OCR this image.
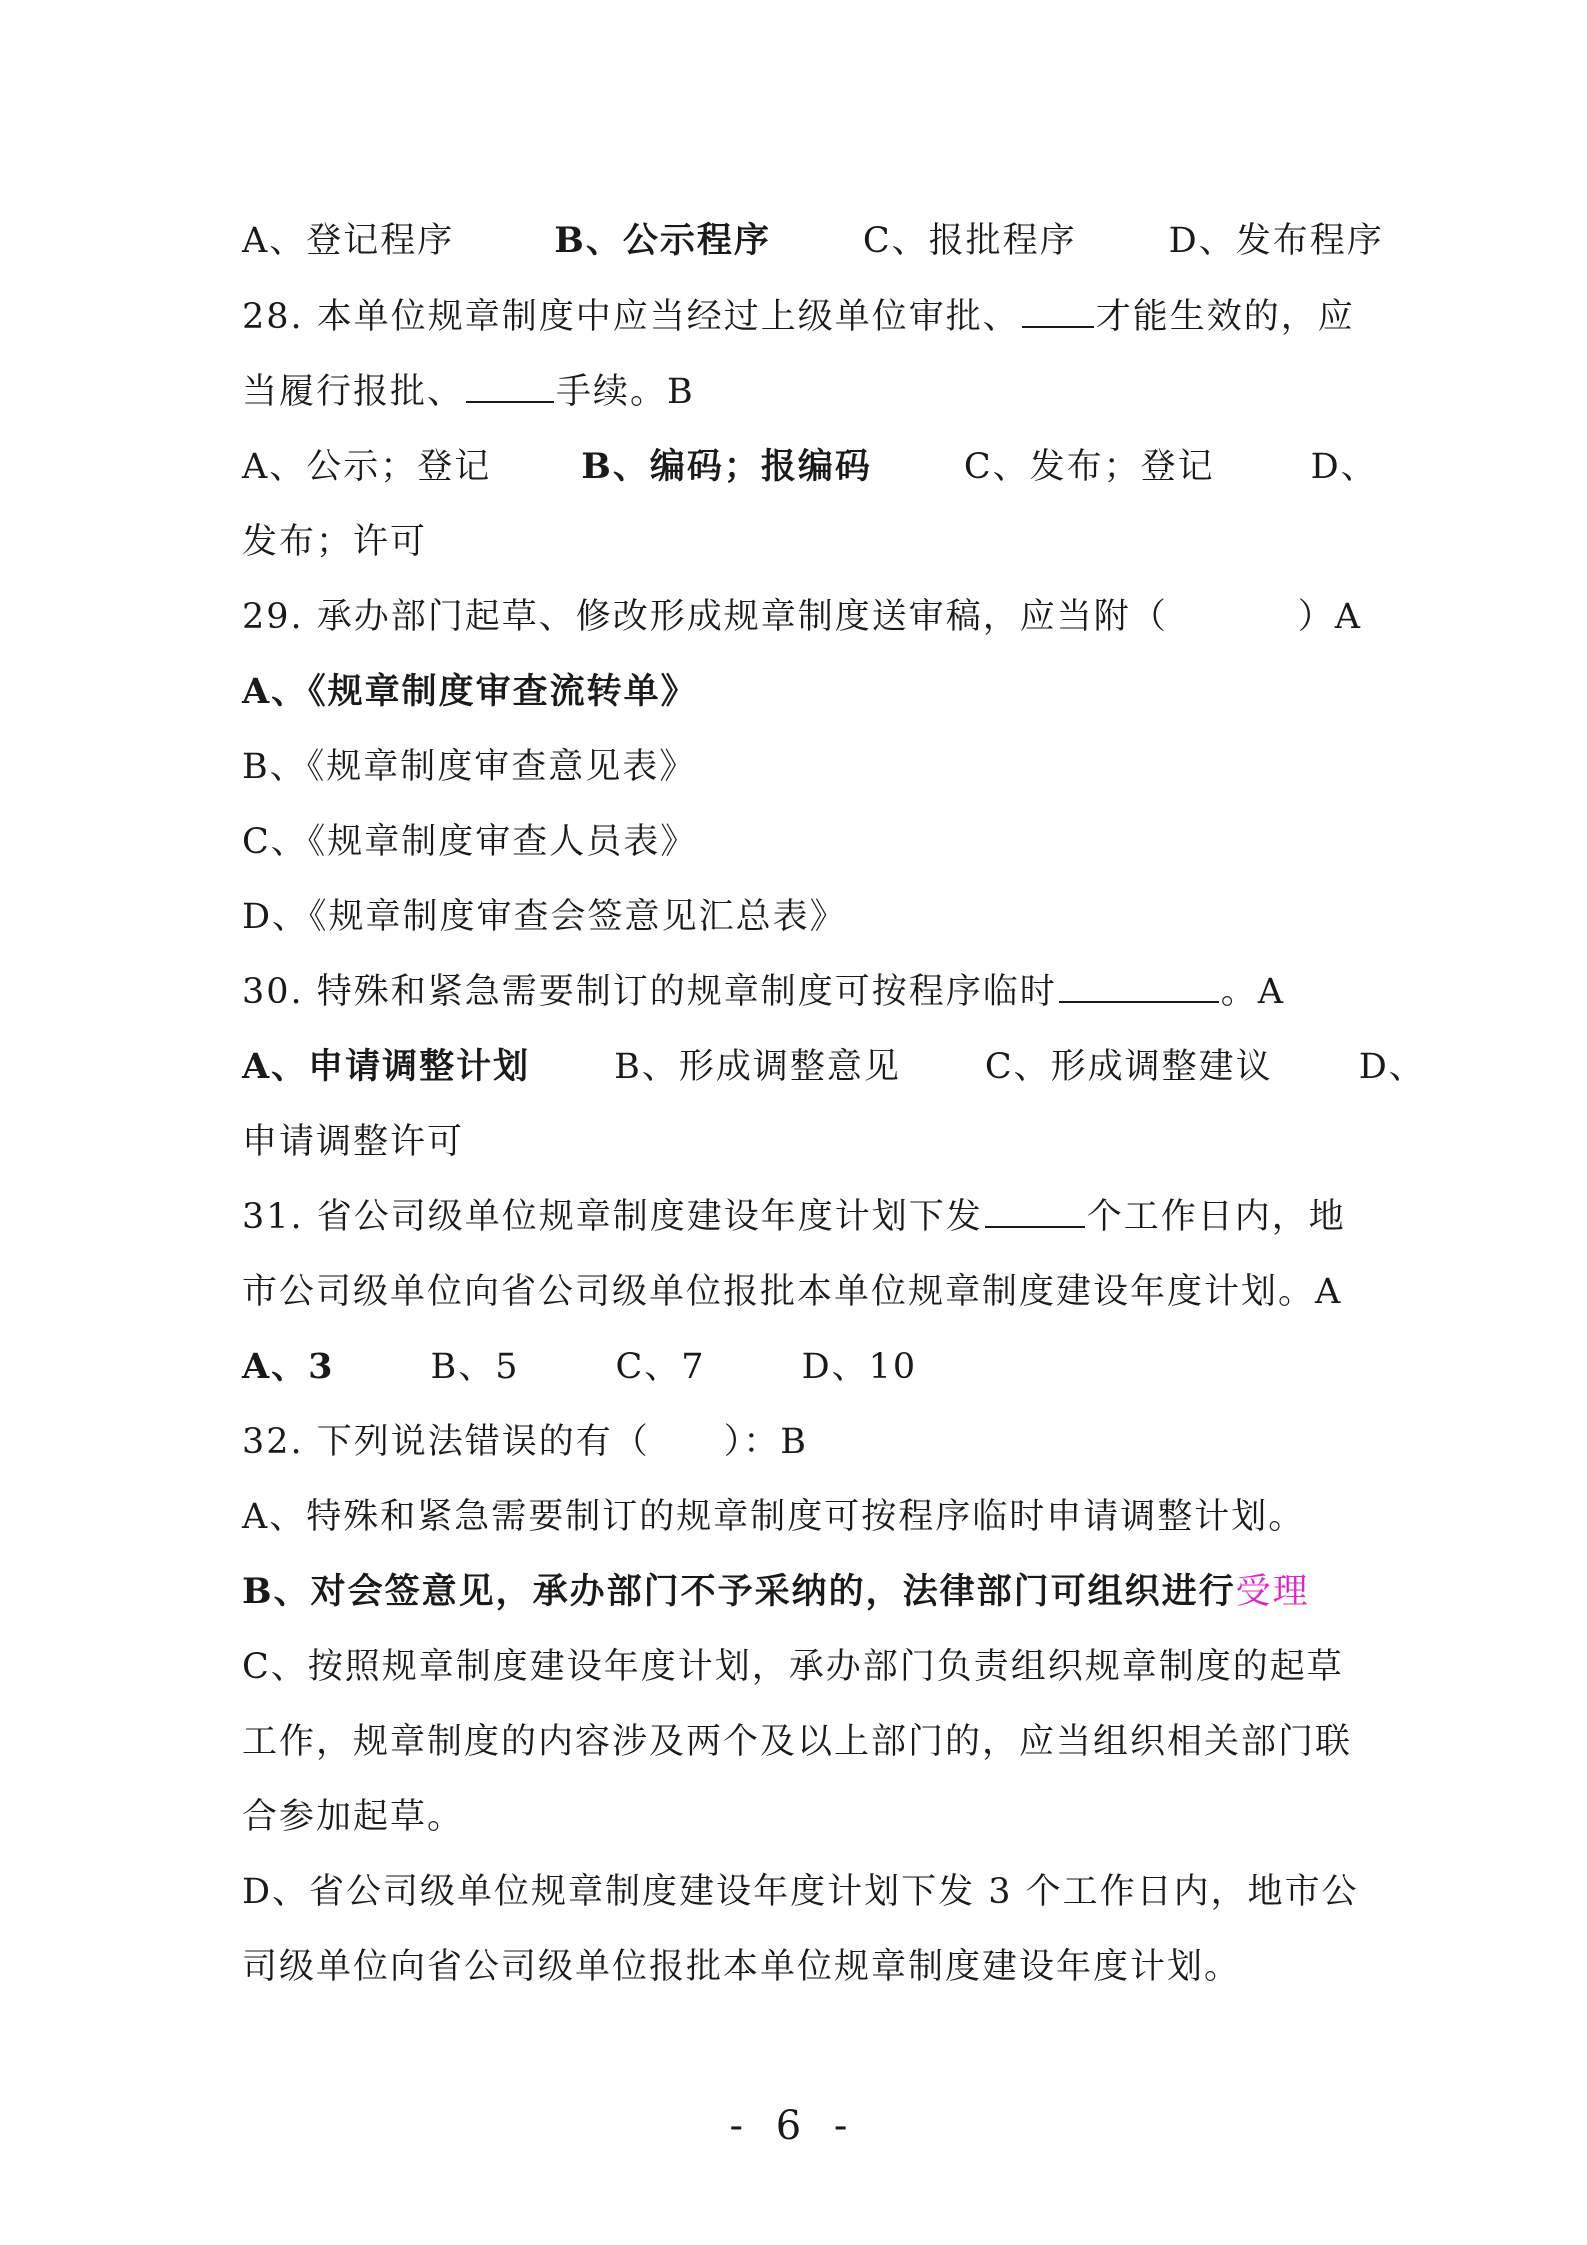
A、登记程序	B、公示程序	C、报批程序	D、发布程序
28. 本单位规章制度中应当经过上级单位审批、 才能生效的，应
当履行报批、	手续。B
A、公示；登记	B、编码；报编码	C、发布；登记	D、
发布；许可
29. 承办部门起草、修改形成规章制度送审稿，应当附（	）A
A、《规章制度审查流转单》
B、《规章制度审查意见表》
C、《规章制度审查人员表》
D、《规章制度审查会签意见汇总表》
30. 特殊和紧急需要制订的规章制度可按程序临时	。A
A、申请调整计划 B、形成调整意见 C、形成调整建议 D、
申请调整许可
31. 省公司级单位规章制度建设年度计划下发	个工作日内，地
市公司级单位向省公司级单位报批本单位规章制度建设年度计划。A
A、3	B、5	C、7	D、10
32. 下列说法错误的有（　　）：B
A、特殊和紧急需要制订的规章制度可按程序临时申请调整计划。
B、对会签意见，承办部门不予采纳的，法律部门可组织进行受理
C、按照规章制度建设年度计划，承办部门负责组织规章制度的起草
工作，规章制度的内容涉及两个及以上部门的，应当组织相关部门联
合参加起草。
D、省公司级单位规章制度建设年度计划下发 3 个工作日内，地市公
司级单位向省公司级单位报批本单位规章制度建设年度计划。
- 6 -
